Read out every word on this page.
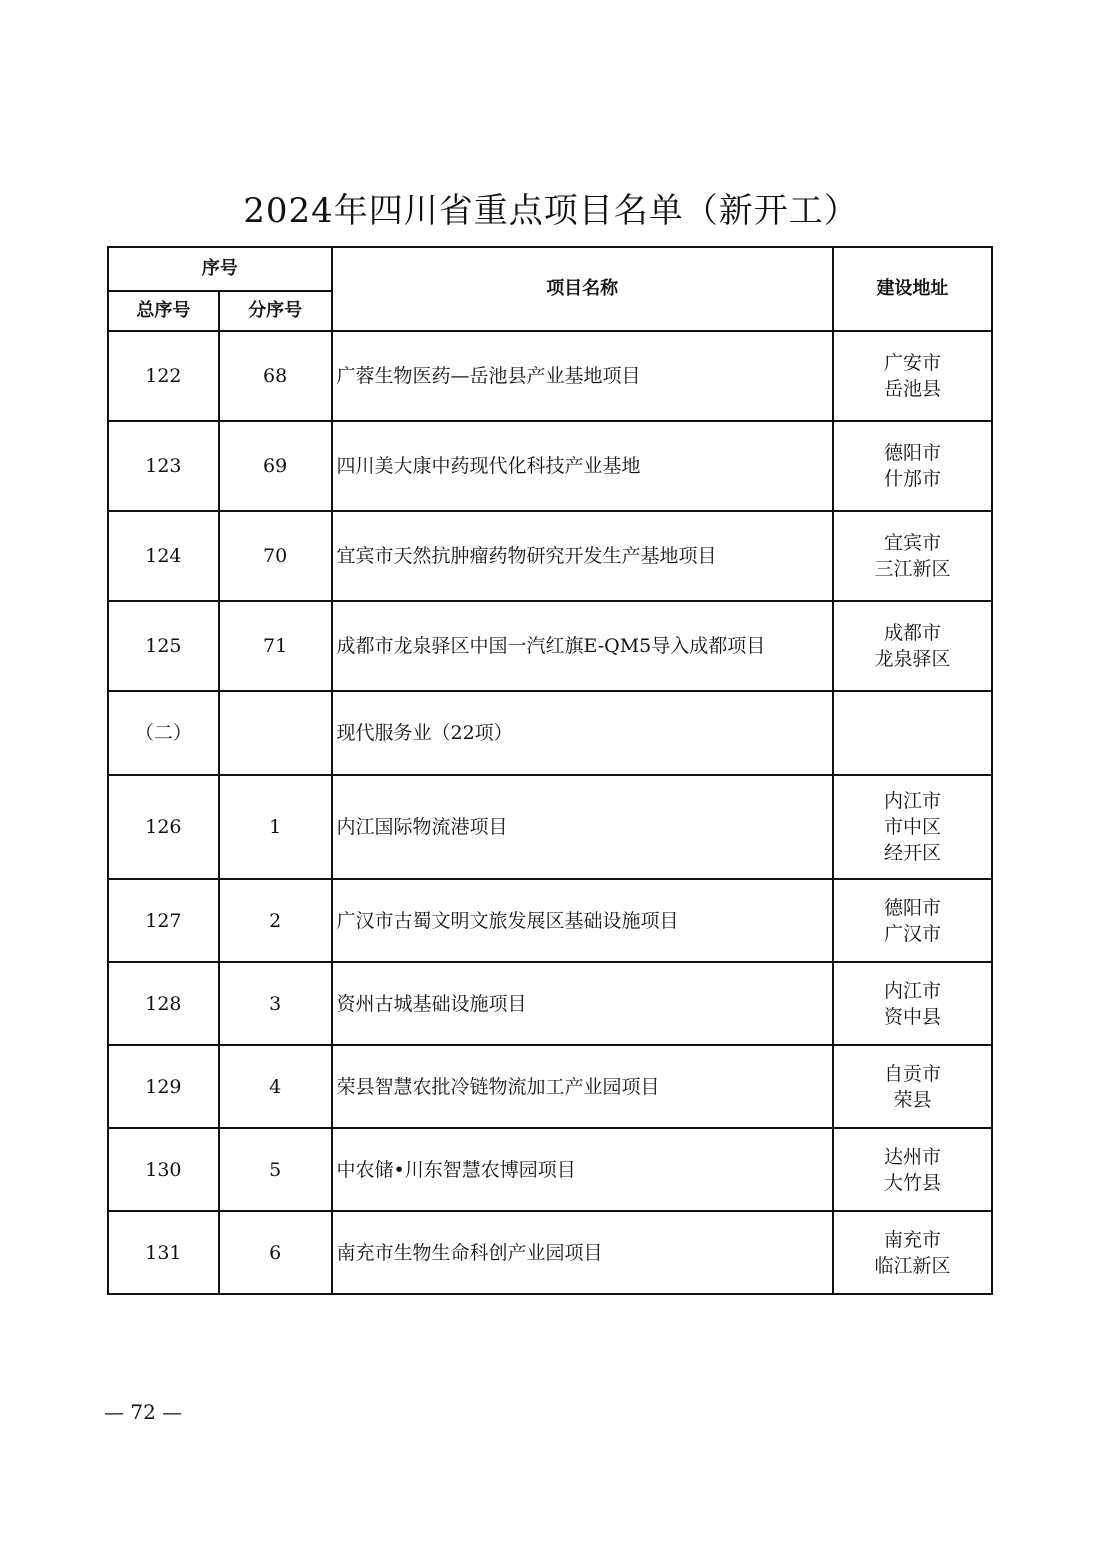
2024年四川省重点项目名单（新开工）
序号		项目名称	建设地址
总序号	分序号		
122	68	广蓉生物医药—岳池县产业基地项目	广安市
岳池县

123	69	四川美大康中药现代化科技产业基地	德阳市
什邡市

124	70	宜宾市天然抗肿瘤药物研究开发生产基地项目	宜宾市
三江新区

125	71	成都市龙泉驿区中国一汽红旗E-QM5导入成都项目	成都市
龙泉驿区

（二）		现代服务业（22项）	
126	1	内江国际物流港项目	内江市
市中区
经开区

127	2	广汉市古蜀文明文旅发展区基础设施项目	德阳市
广汉市

128	3	资州古城基础设施项目	内江市
资中县

129	4	荣县智慧农批冷链物流加工产业园项目	自贡市
荣县

130	5	中农储•川东智慧农博园项目	达州市
大竹县

131	6	南充市生物生命科创产业园项目	南充市
临江新区
— 72 —
